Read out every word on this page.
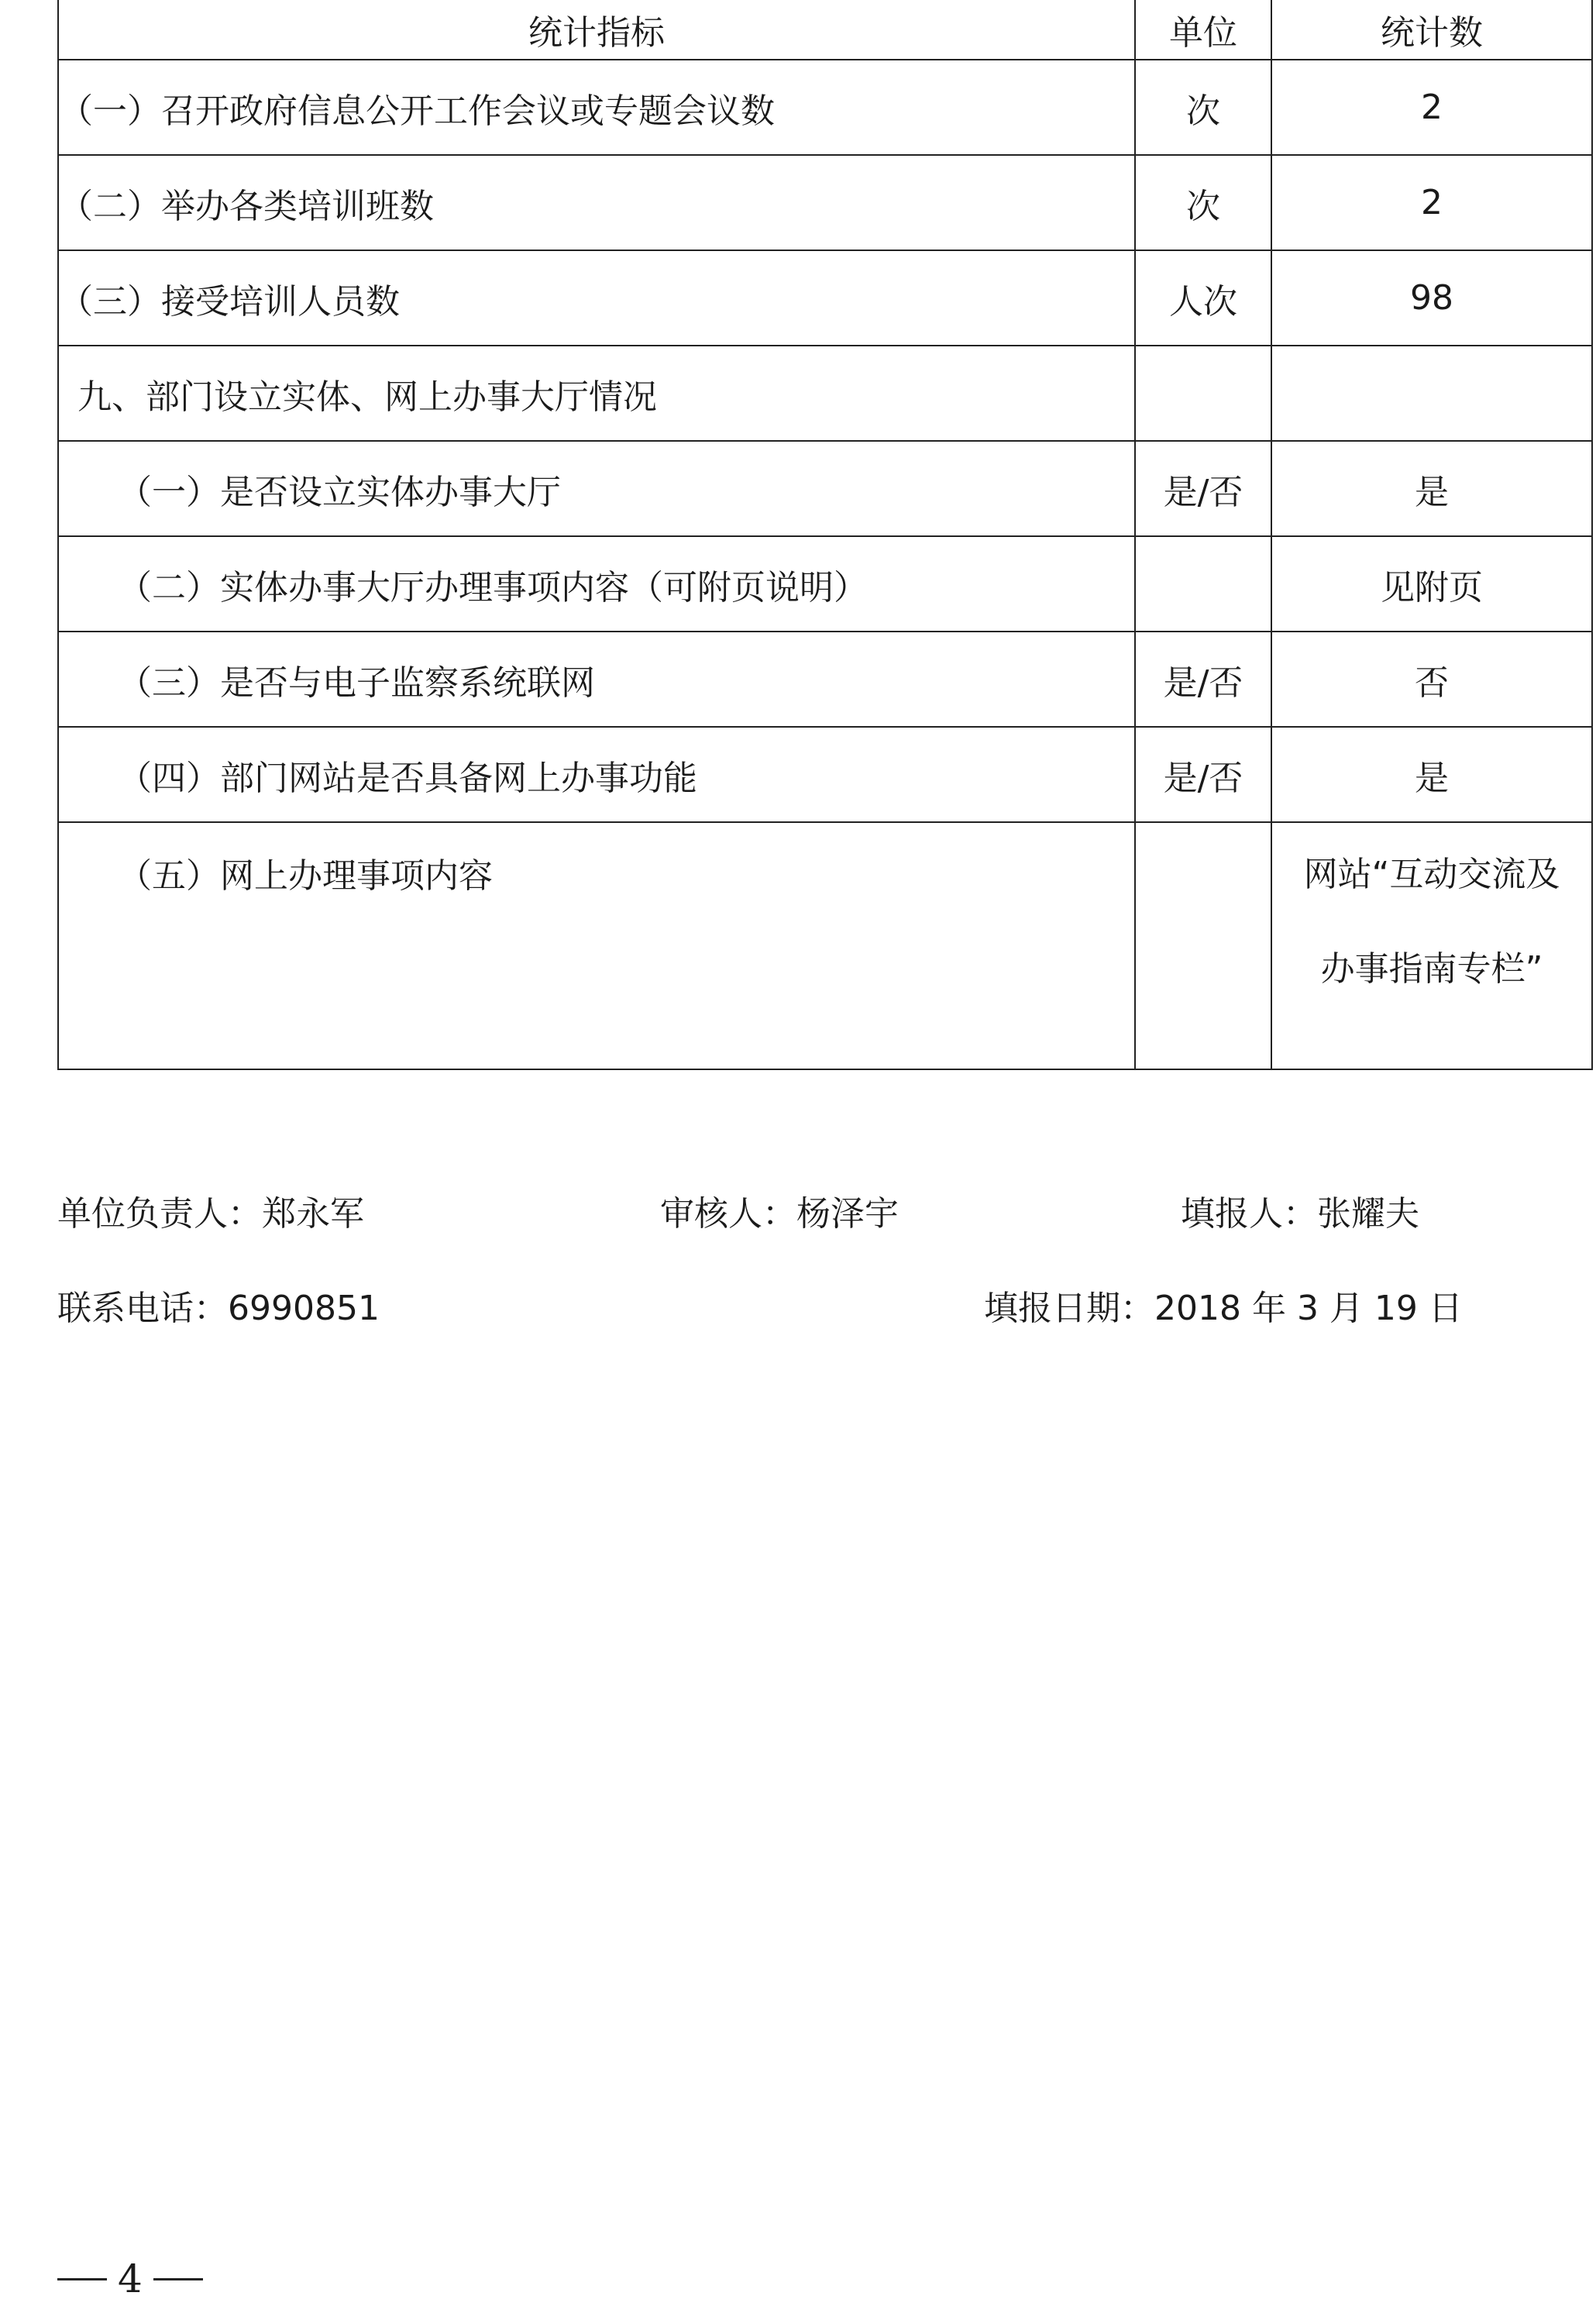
统计指标	单位	统计数
（一）召开政府信息公开工作会议或专题会议数	次	2
（二）举办各类培训班数	次	2
（三）接受培训人员数	人次	98
九、部门设立实体、网上办事大厅情况		
（一）是否设立实体办事大厅	是/否	是
（二）实体办事大厅办理事项内容（可附页说明）		见附页
（三）是否与电子监察系统联网	是/否	否
（四）部门网站是否具备网上办事功能	是/否	是

（五）网上办理事项内容		网站“互动交流及
办事指南专栏”
单位负责人：郑永军	审核人：杨泽宇	填报人：张耀夫
联系电话：6990851	填报日期：2018 年 3 月 19 日
4
